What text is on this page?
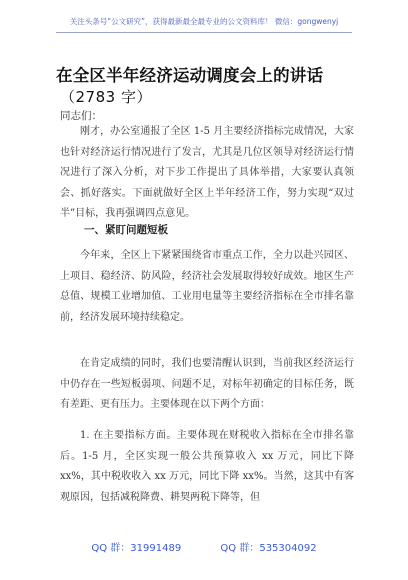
关注头条号“公文研究”，获得最新最全最专业的公文资料库！ 微信：gongwenyj
在全区半年经济运动调度会上的讲话
（2783 字）
同志们：
刚才，办公室通报了全区 1-5 月主要经济指标完成情况，大家也针对经济运行情况进行了发言，尤其是几位区领导对经济运行情况进行了深入分析，对下步工作提出了具体举措，大家要认真领会、抓好落实。下面就做好全区上半年经济工作，努力实现“双过半”目标，我再强调四点意见。
一、紧盯问题短板
今年来，全区上下紧紧围绕省市重点工作，全力以赴兴园区、上项目、稳经济、防风险，经济社会发展取得较好成效。地区生产总值、规模工业增加值、工业用电量等主要经济指标在全市排名靠前，经济发展环境持续稳定。
在肯定成绩的同时，我们也要清醒认识到，当前我区经济运行中仍存在一些短板弱项、问题不足，对标年初确定的目标任务，既有差距、更有压力。主要体现在以下两个方面：
1. 在主要指标方面。主要体现在财税收入指标在全市排名靠后。1-5 月，全区实现一般公共预算收入 xx 万元，同比下降 xx%，其中税收收入 xx 万元，同比下降 xx%。当然，这其中有客观原因，包括减税降费、耕契两税下降等，但
QQ 群：31991489	QQ 群：535304092
